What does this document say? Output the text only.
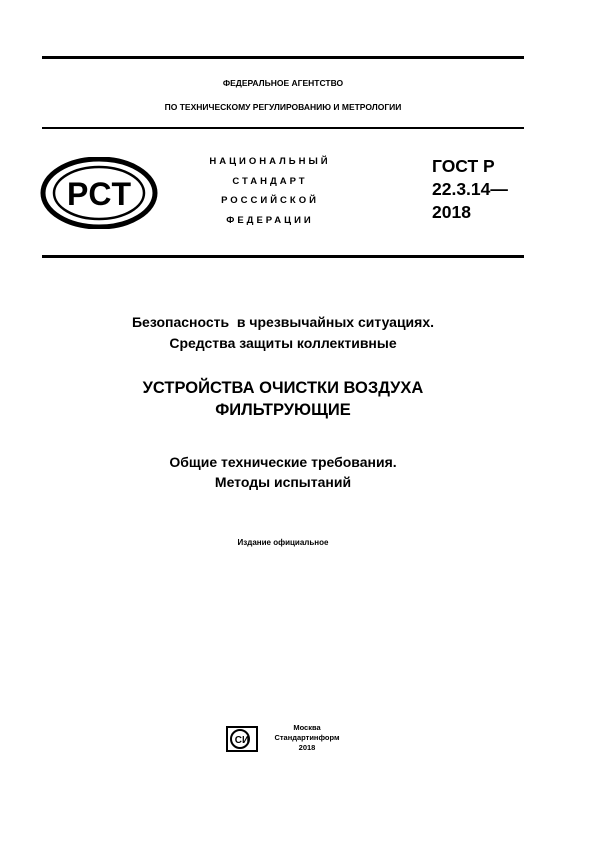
ФЕДЕРАЛЬНОЕ АГЕНТСТВО
ПО ТЕХНИЧЕСКОМУ РЕГУЛИРОВАНИЮ И МЕТРОЛОГИИ
PCT
НАЦИОНАЛЬНЫЙ
СТАНДАРТ
РОССИЙСКОЙ
ФЕДЕРАЦИИ
ГОСТ Р
22.3.14—
2018
Безопасность  в чрезвычайных ситуациях.
Средства защиты коллективные
УСТРОЙСТВА ОЧИСТКИ ВОЗДУХА
ФИЛЬТРУЮЩИЕ
Общие технические требования.
Методы испытаний
Издание официальное
СИ
Москва
Стандартинформ
2018
